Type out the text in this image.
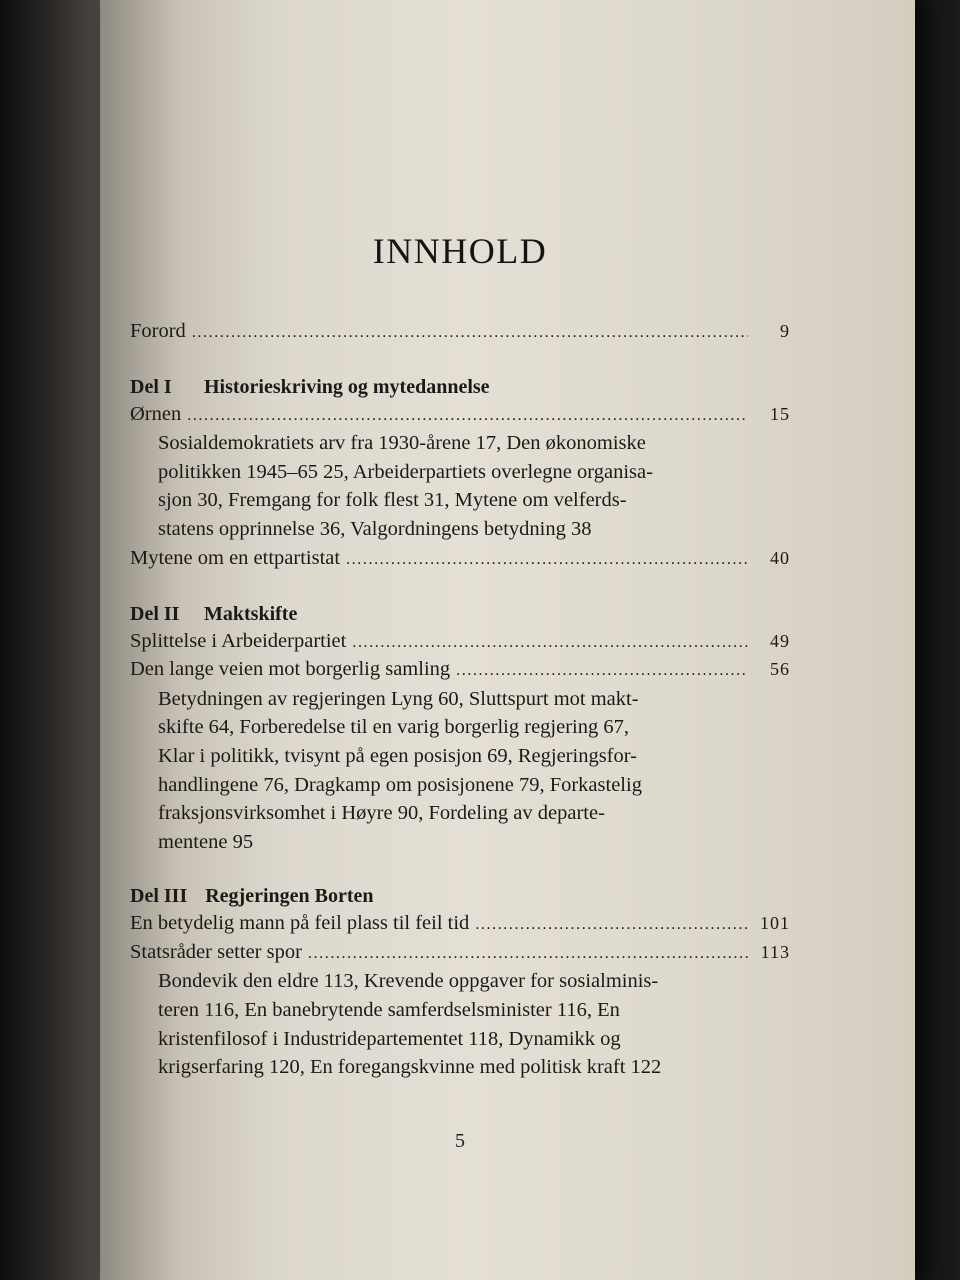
INNHOLD
Forord .....	9
Del I	Historieskriving og mytedannelse
Ørnen .....	15
Sosialdemokratiets arv fra 1930-årene 17, Den økonomiske
politikken 1945–65 25, Arbeiderpartiets overlegne organisa-
sjon 30, Fremgang for folk flest 31, Mytene om velferds-
statens opprinnelse 36, Valgordningens betydning 38
Mytene om en ettpartistat .....	40
Del II	Maktskifte
Splittelse i Arbeiderpartiet .....	49
Den lange veien mot borgerlig samling .....	56
Betydningen av regjeringen Lyng 60, Sluttspurt mot makt-
skifte 64, Forberedelse til en varig borgerlig regjering 67,
Klar i politikk, tvisynt på egen posisjon 69, Regjeringsfor-
handlingene 76, Dragkamp om posisjonene 79, Forkastelig
fraksjonsvirksomhet i Høyre 90, Fordeling av departe-
mentene 95
Del III Regjeringen Borten
En betydelig mann på feil plass til feil tid .....	101
Statsråder setter spor .....	113
Bondevik den eldre 113, Krevende oppgaver for sosialminis-
teren 116, En banebrytende samferdselsminister 116, En
kristenfilosof i Industridepartementet 118, Dynamikk og
krigserfaring 120, En foregangskvinne med politisk kraft 122
5
